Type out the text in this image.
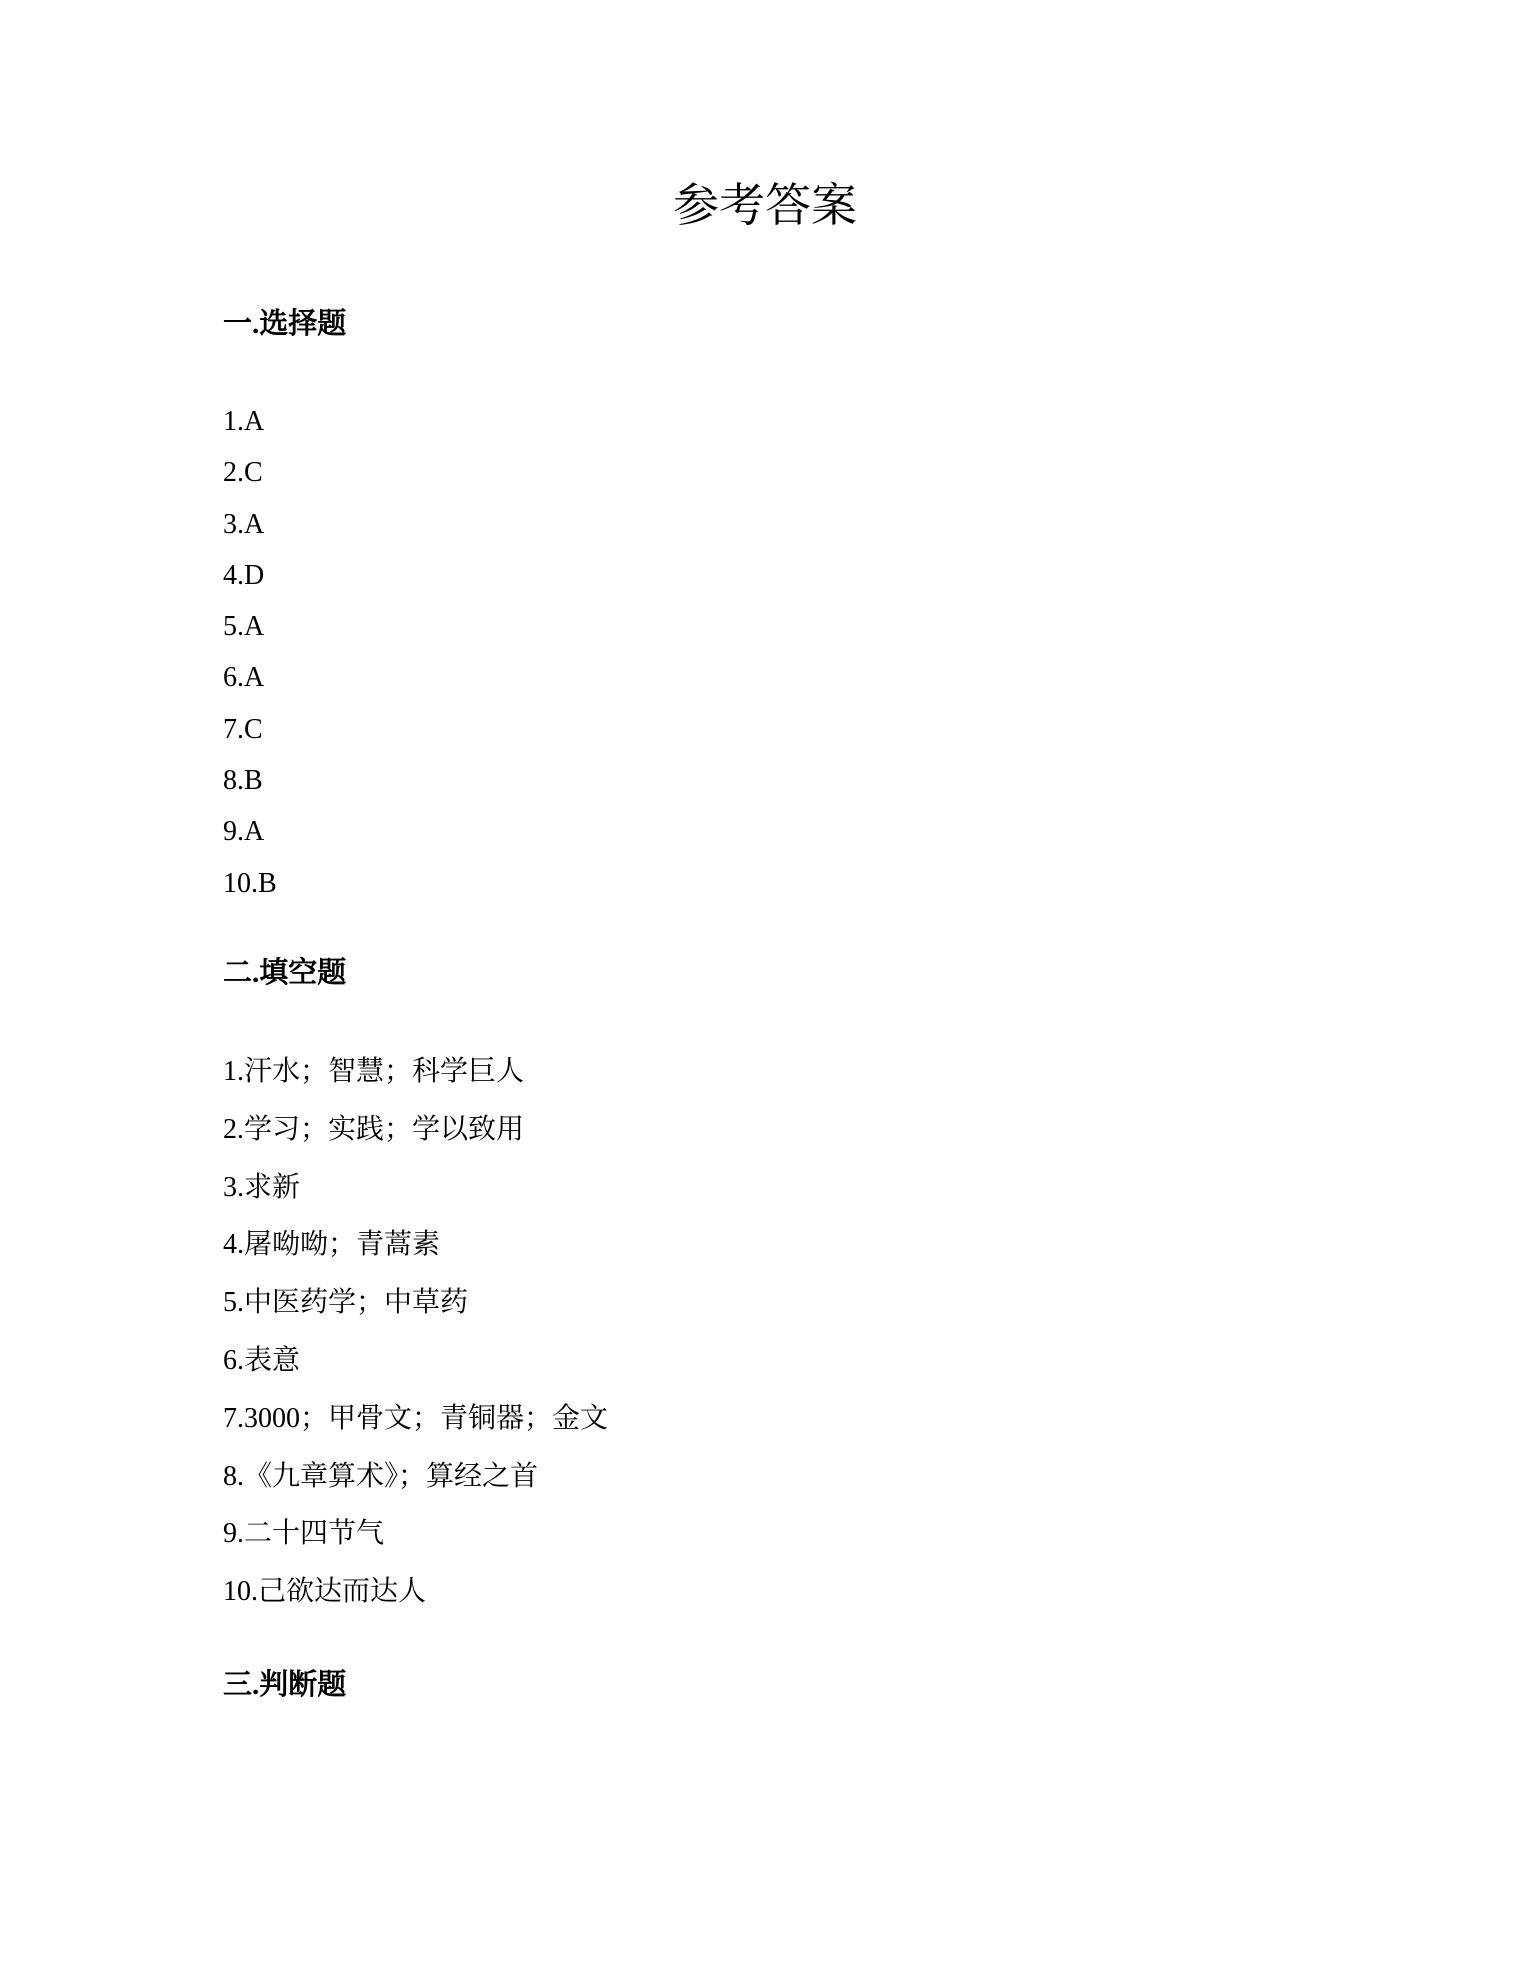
参考答案
一.选择题
1.A
2.C
3.A
4.D
5.A
6.A
7.C
8.B
9.A
10.B
二.填空题
1.汗水；智慧；科学巨人
2.学习；实践；学以致用
3.求新
4.屠呦呦；青蒿素
5.中医药学；中草药
6.表意
7.3000；甲骨文；青铜器；金文
8.《九章算术》；算经之首
9.二十四节气
10.己欲达而达人
三.判断题
